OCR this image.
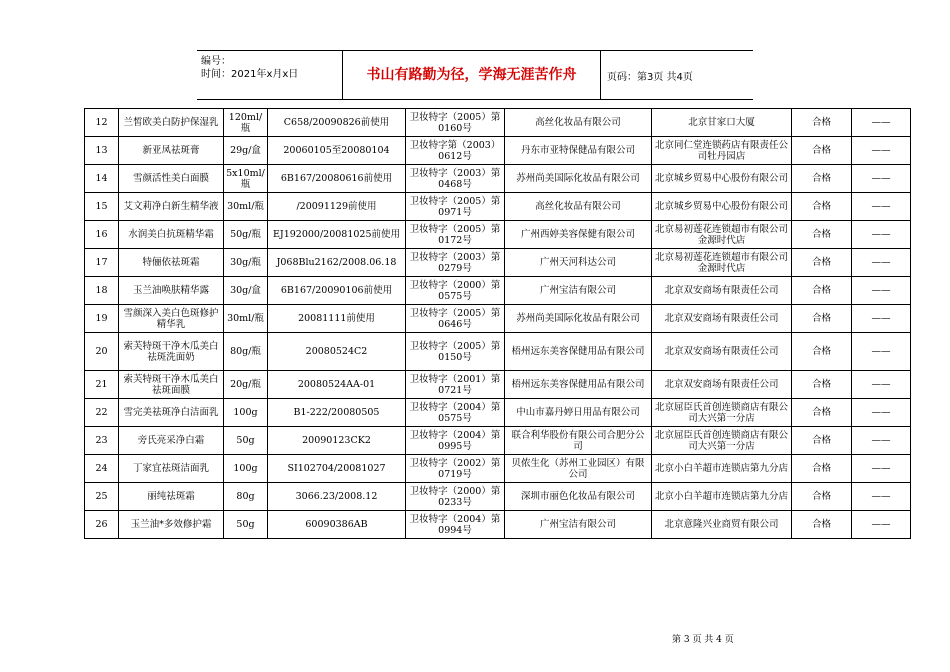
编号：
时间：2021年x月x日	书山有路勤为径，学海无涯苦作舟	页码：第3页 共4页
12	兰皙欧美白防护保湿乳	120ml/瓶	C658/20090826前使用	卫妆特字（2005）第0160号	高丝化妆品有限公司	北京甘家口大厦	合格	——
13	新亚凤祛斑膏	29g/盒	20060105至20080104	卫妆特字第（2003）0612号	丹东市亚特保健品有限公司	北京同仁堂连锁药店有限责任公司牡丹园店	合格	——
14	雪颜活性美白面膜	5x10ml/瓶	6B167/20080616前使用	卫妆特字（2003）第0468号	苏州尚美国际化妆品有限公司	北京城乡贸易中心股份有限公司	合格	——
15	艾文莉净白新生精华液	30ml/瓶	/20091129前使用	卫妆特字（2005）第0971号	高丝化妆品有限公司	北京城乡贸易中心股份有限公司	合格	——
16	水润美白抗斑精华霜	50g/瓶	EJ192000/20081025前使用	卫妆特字（2005）第0172号	广州西婷美容保健有限公司	北京易初莲花连锁超市有限公司金源时代店	合格	——
17	特俪依祛斑霜	30g/瓶	J068Blu2162/2008.06.18	卫妆特字（2003）第0279号	广州天河科达公司	北京易初莲花连锁超市有限公司金源时代店	合格	——
18	玉兰油唤肤精华露	30g/盒	6B167/20090106前使用	卫妆特字（2000）第0575号	广州宝洁有限公司	北京双安商场有限责任公司	合格	——
19	雪颜深入美白色斑修护精华乳	30ml/瓶	20081111前使用	卫妆特字（2005）第0646号	苏州尚美国际化妆品有限公司	北京双安商场有限责任公司	合格	——
20	索芙特斑干净木瓜美白祛斑洗面奶	80g/瓶	20080524C2	卫妆特字（2005）第0150号	梧州远东美容保健用品有限公司	北京双安商场有限责任公司	合格	——
21	索芙特斑干净木瓜美白祛斑面膜	20g/瓶	20080524AA-01	卫妆特字（2001）第0721号	梧州远东美容保健用品有限公司	北京双安商场有限责任公司	合格	——
22	雪完美祛斑净白洁面乳	100g	B1-222/20080505	卫妆特字（2004）第0575号	中山市嘉丹婷日用品有限公司	北京屈臣氏首创连锁商店有限公司大兴第一分店	合格	——
23	旁氏亮采净白霜	50g	20090123CK2	卫妆特字（2004）第0995号	联合利华股份有限公司合肥分公司	北京屈臣氏首创连锁商店有限公司大兴第一分店	合格	——
24	丁家宜祛斑洁面乳	100g	SI102704/20081027	卫妆特字（2002）第0719号	贝侬生化（苏州工业园区）有限公司	北京小白羊超市连锁店第九分店	合格	——
25	丽纯祛斑霜	80g	3066.23/2008.12	卫妆特字（2000）第0233号	深圳市丽色化妆品有限公司	北京小白羊超市连锁店第九分店	合格	——
26	玉兰油*多效修护霜	50g	60090386AB	卫妆特字（2004）第0994号	广州宝洁有限公司	北京意隆兴业商贸有限公司	合格	——
第 3 页 共 4 页
